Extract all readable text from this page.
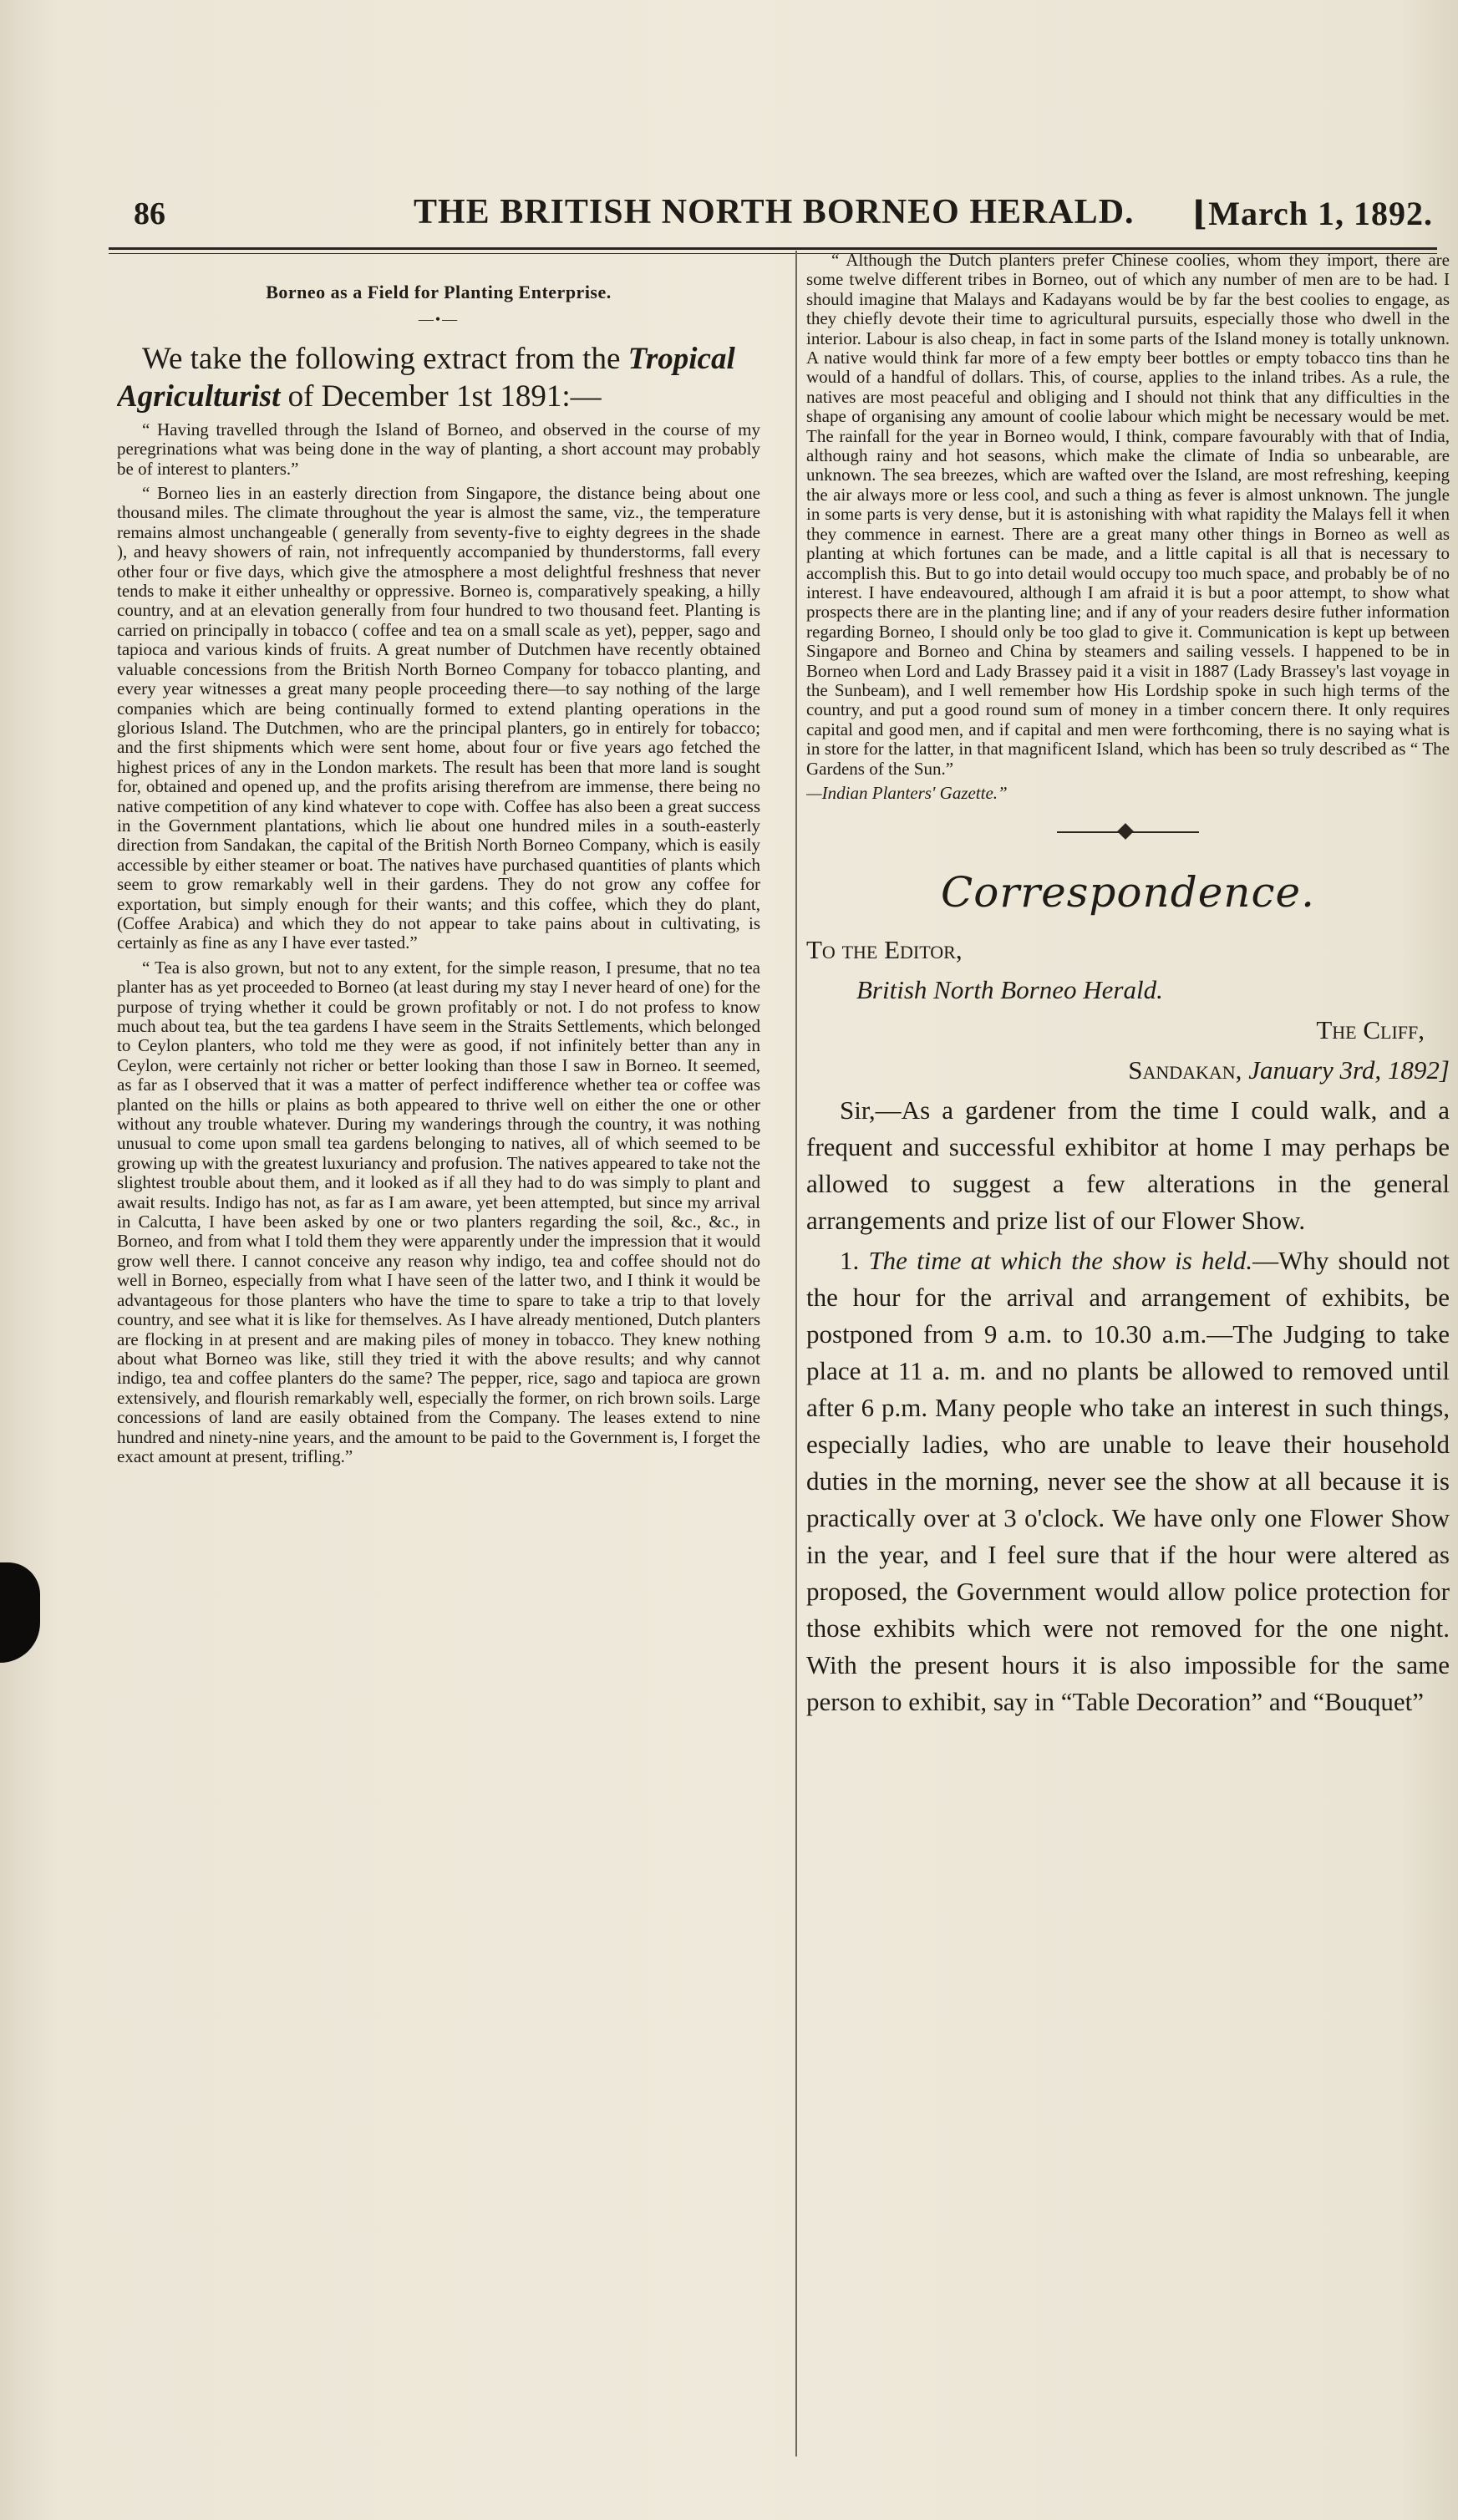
86	THE BRITISH NORTH BORNEO HERALD. ⌊March 1, 1892.
Borneo as a Field for Planting Enterprise.
—•—

We take the following extract from the Tropical Agriculturist of December 1st 1891:—

“ Having travelled through the Island of Borneo, and observed in the course of my peregrinations what was being done in the way of planting, a short account may probably be of interest to planters.”

“ Borneo lies in an easterly direction from Singapore, the distance being about one thousand miles. The climate throughout the year is almost the same, viz., the temperature remains almost unchangeable ( generally from seventy-five to eighty degrees in the shade ), and heavy showers of rain, not infrequently accompanied by thunderstorms, fall every other four or five days, which give the atmosphere a most delightful freshness that never tends to make it either unhealthy or oppressive. Borneo is, comparatively speaking, a hilly country, and at an elevation generally from four hundred to two thousand feet. Planting is carried on principally in tobacco ( coffee and tea on a small scale as yet), pepper, sago and tapioca and various kinds of fruits. A great number of Dutchmen have recently obtained valuable concessions from the British North Borneo Company for tobacco planting, and every year witnesses a great many people proceeding there—to say nothing of the large companies which are being continually formed to extend planting operations in the glorious Island. The Dutchmen, who are the principal planters, go in entirely for tobacco; and the first shipments which were sent home, about four or five years ago fetched the highest prices of any in the London markets. The result has been that more land is sought for, obtained and opened up, and the profits arising therefrom are immense, there being no native competition of any kind whatever to cope with. Coffee has also been a great success in the Government plantations, which lie about one hundred miles in a south-easterly direction from Sandakan, the capital of the British North Borneo Company, which is easily accessible by either steamer or boat. The natives have purchased quantities of plants which seem to grow remarkably well in their gardens. They do not grow any coffee for exportation, but simply enough for their wants; and this coffee, which they do plant, (Coffee Arabica) and which they do not appear to take pains about in cultivating, is certainly as fine as any I have ever tasted.”

“ Tea is also grown, but not to any extent, for the simple reason, I presume, that no tea planter has as yet proceeded to Borneo (at least during my stay I never heard of one) for the purpose of trying whether it could be grown profitably or not. I do not profess to know much about tea, but the tea gardens I have seem in the Straits Settlements, which belonged to Ceylon planters, who told me they were as good, if not infinitely better than any in Ceylon, were certainly not richer or better looking than those I saw in Borneo. It seemed, as far as I observed that it was a matter of perfect indifference whether tea or coffee was planted on the hills or plains as both appeared to thrive well on either the one or other without any trouble whatever. During my wanderings through the country, it was nothing unusual to come upon small tea gardens belonging to natives, all of which seemed to be growing up with the greatest luxuriancy and profusion. The natives appeared to take not the slightest trouble about them, and it looked as if all they had to do was simply to plant and await results. Indigo has not, as far as I am aware, yet been attempted, but since my arrival in Calcutta, I have been asked by one or two planters regarding the soil, &c., &c., in Borneo, and from what I told them they were apparently under the impression that it would grow well there. I cannot conceive any reason why indigo, tea and coffee should not do well in Borneo, especially from what I have seen of the latter two, and I think it would be advantageous for those planters who have the time to spare to take a trip to that lovely country, and see what it is like for themselves. As I have already mentioned, Dutch planters are flocking in at present and are making piles of money in tobacco. They knew nothing about what Borneo was like, still they tried it with the above results; and why cannot indigo, tea and coffee planters do the same? The pepper, rice, sago and tapioca are grown extensively, and flourish remarkably well, especially the former, on rich brown soils. Large concessions of land are easily obtained from the Company. The leases extend to nine hundred and ninety-nine years, and the amount to be paid to the Government is, I forget the exact amount at present, trifling.”

“ Although the Dutch planters prefer Chinese coolies, whom they import, there are some twelve different tribes in Borneo, out of which any number of men are to be had. I should imagine that Malays and Kadayans would be by far the best coolies to engage, as they chiefly devote their time to agricultural pursuits, especially those who dwell in the interior. Labour is also cheap, in fact in some parts of the Island money is totally unknown. A native would think far more of a few empty beer bottles or empty tobacco tins than he would of a handful of dollars. This, of course, applies to the inland tribes. As a rule, the natives are most peaceful and obliging and I should not think that any difficulties in the shape of organising any amount of coolie labour which might be necessary would be met. The rainfall for the year in Borneo would, I think, compare favourably with that of India, although rainy and hot seasons, which make the climate of India so unbearable, are unknown. The sea breezes, which are wafted over the Island, are most refreshing, keeping the air always more or less cool, and such a thing as fever is almost unknown. The jungle in some parts is very dense, but it is astonishing with what rapidity the Malays fell it when they commence in earnest. There are a great many other things in Borneo as well as planting at which fortunes can be made, and a little capital is all that is necessary to accomplish this. But to go into detail would occupy too much space, and probably be of no interest. I have endeavoured, although I am afraid it is but a poor attempt, to show what prospects there are in the planting line; and if any of your readers desire futher information regarding Borneo, I should only be too glad to give it. Communication is kept up between Singapore and Borneo and China by steamers and sailing vessels. I happened to be in Borneo when Lord and Lady Brassey paid it a visit in 1887 (Lady Brassey's last voyage in the Sunbeam), and I well remember how His Lordship spoke in such high terms of the country, and put a good round sum of money in a timber concern there. It only requires capital and good men, and if capital and men were forthcoming, there is no saying what is in store for the latter, in that magnificent Island, which has been so truly described as “ The Gardens of the Sun.”

—Indian Planters' Gazette.”

Correspondence.

To the Editor,

British North Borneo Herald.

The Cliff,

Sandakan, January 3rd, 1892]

Sir,—As a gardener from the time I could walk, and a frequent and successful exhibitor at home I may perhaps be allowed to suggest a few alterations in the general arrangements and prize list of our Flower Show.

1. The time at which the show is held.—Why should not the hour for the arrival and arrangement of exhibits, be postponed from 9 a.m. to 10.30 a.m.—The Judging to take place at 11 a. m. and no plants be allowed to removed until after 6 p.m. Many people who take an interest in such things, especially ladies, who are unable to leave their household duties in the morning, never see the show at all because it is practically over at 3 o'clock. We have only one Flower Show in the year, and I feel sure that if the hour were altered as proposed, the Government would allow police protection for those exhibits which were not removed for the one night. With the present hours it is also impossible for the same person to exhibit, say in “Table Decoration” and “Bouquet”
